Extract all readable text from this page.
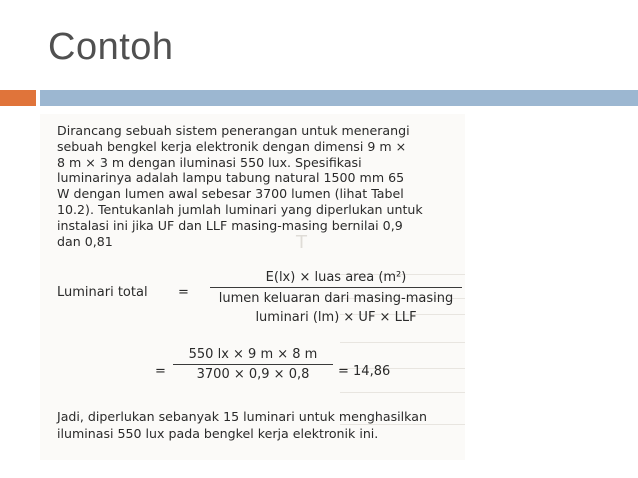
Contoh
T
Dirancang sebuah sistem penerangan untuk menerangi
sebuah bengkel kerja elektronik dengan dimensi 9 m ×
8 m × 3 m dengan iluminasi 550 lux. Spesifikasi
luminarinya adalah lampu tabung natural 1500 mm 65
W dengan lumen awal sebesar 3700 lumen (lihat Tabel
10.2). Tentukanlah jumlah luminari yang diperlukan untuk
instalasi ini jika UF dan LLF masing-masing bernilai 0,9
dan 0,81
Luminari total =
E(lx) × luas area (m²)
lumen keluaran dari masing-masing
luminari (lm) × UF × LLF
=
550 lx × 9 m × 8 m
3700 × 0,9 × 0,8	= 14,86
Jadi, diperlukan sebanyak 15 luminari untuk menghasilkan
iluminasi 550 lux pada bengkel kerja elektronik ini.
